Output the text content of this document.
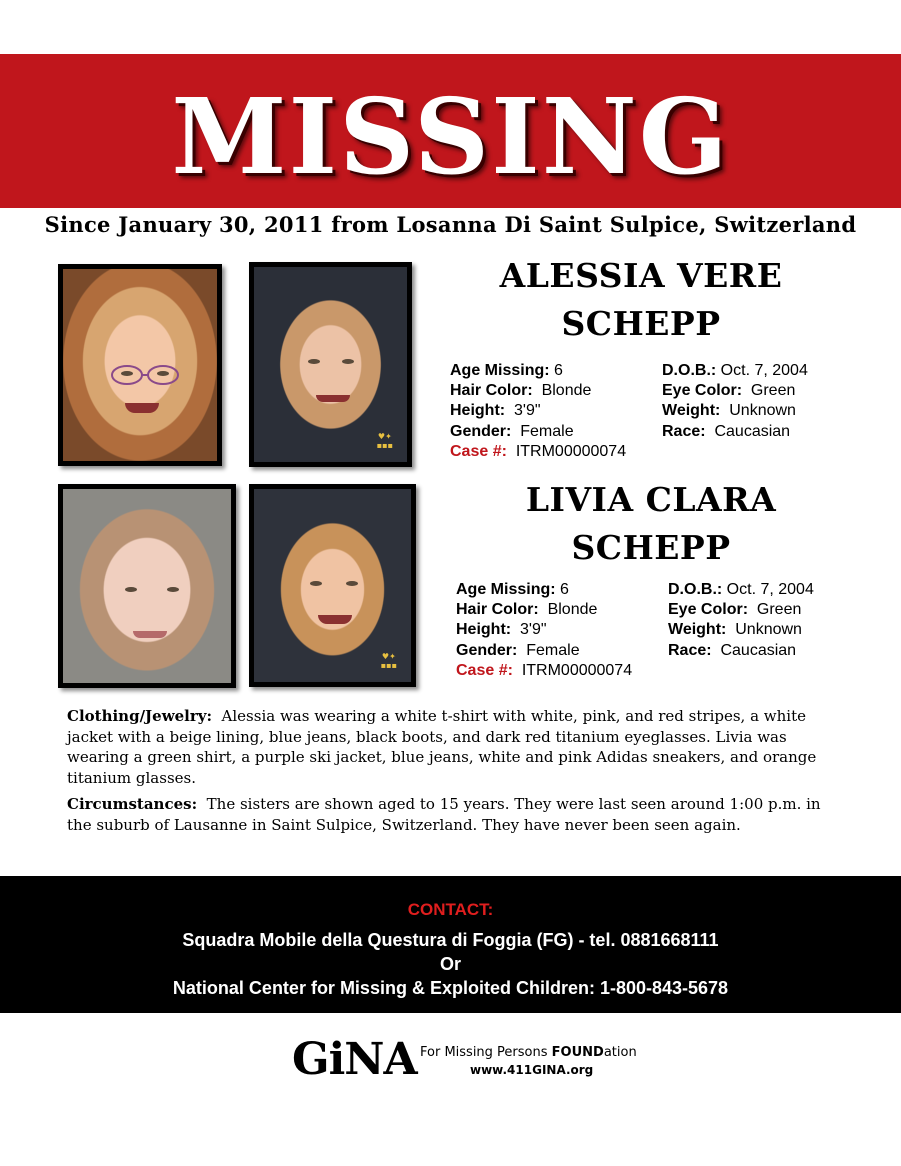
MISSING
Since January 30, 2011 from Losanna Di Saint Sulpice, Switzerland
♥✦
▪▪▪
♥✦
▪▪▪
ALESSIA VERE
SCHEPP
Age Missing: 6
Hair Color: Blonde
Height: 3'9"
Gender: Female
Case #: ITRM00000074
D.O.B.: Oct. 7, 2004
Eye Color: Green
Weight: Unknown
Race: Caucasian
LIVIA CLARA
SCHEPP
Age Missing: 6
Hair Color: Blonde
Height: 3'9"
Gender: Female
Case #: ITRM00000074
D.O.B.: Oct. 7, 2004
Eye Color: Green
Weight: Unknown
Race: Caucasian
Clothing/Jewelry: Alessia was wearing a white t-shirt with white, pink, and red stripes, a white jacket with a beige lining, blue jeans, black boots, and dark red titanium eyeglasses. Livia was wearing a green shirt, a purple ski jacket, blue jeans, white and pink Adidas sneakers, and orange titanium glasses.
Circumstances: The sisters are shown aged to 15 years. They were last seen around 1:00 p.m. in the suburb of Lausanne in Saint Sulpice, Switzerland. They have never been seen again.
CONTACT:
Squadra Mobile della Questura di Foggia (FG) - tel. 0881668111
Or
National Center for Missing & Exploited Children: 1-800-843-5678
GiNA For Missing Persons FOUNDation
www.411GINA.org
